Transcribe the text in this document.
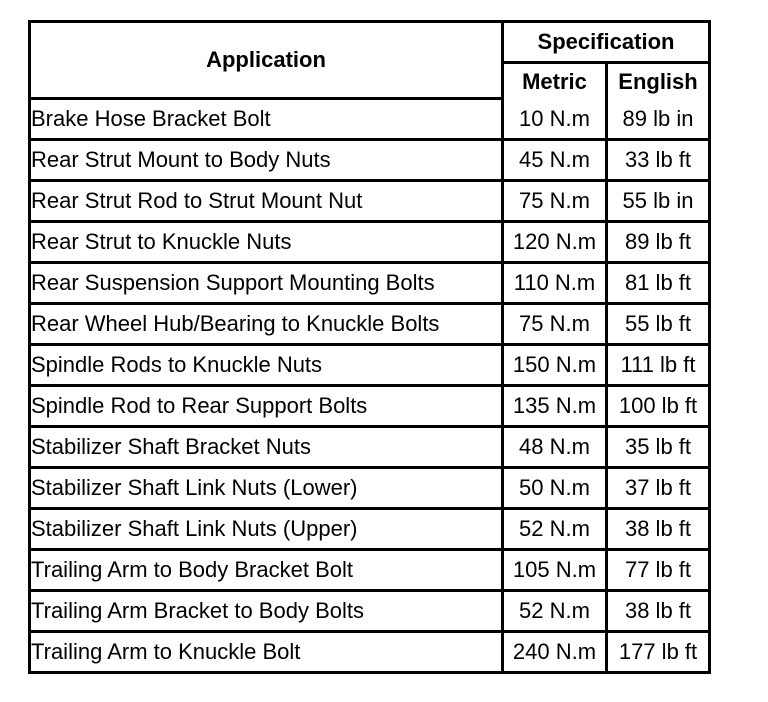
Application	Specification	
	Metric	English
Brake Hose Bracket Bolt	10 N.m	89 lb in
Rear Strut Mount to Body Nuts	45 N.m	33 lb ft
Rear Strut Rod to Strut Mount Nut	75 N.m	55 lb in
Rear Strut to Knuckle Nuts	120 N.m	89 lb ft
Rear Suspension Support Mounting Bolts	110 N.m	81 lb ft
Rear Wheel Hub/Bearing to Knuckle Bolts	75 N.m	55 lb ft
Spindle Rods to Knuckle Nuts	150 N.m	111 lb ft
Spindle Rod to Rear Support Bolts	135 N.m	100 lb ft
Stabilizer Shaft Bracket Nuts	48 N.m	35 lb ft
Stabilizer Shaft Link Nuts (Lower)	50 N.m	37 lb ft
Stabilizer Shaft Link Nuts (Upper)	52 N.m	38 lb ft
Trailing Arm to Body Bracket Bolt	105 N.m	77 lb ft
Trailing Arm Bracket to Body Bolts	52 N.m	38 lb ft
Trailing Arm to Knuckle Bolt	240 N.m	177 lb ft
